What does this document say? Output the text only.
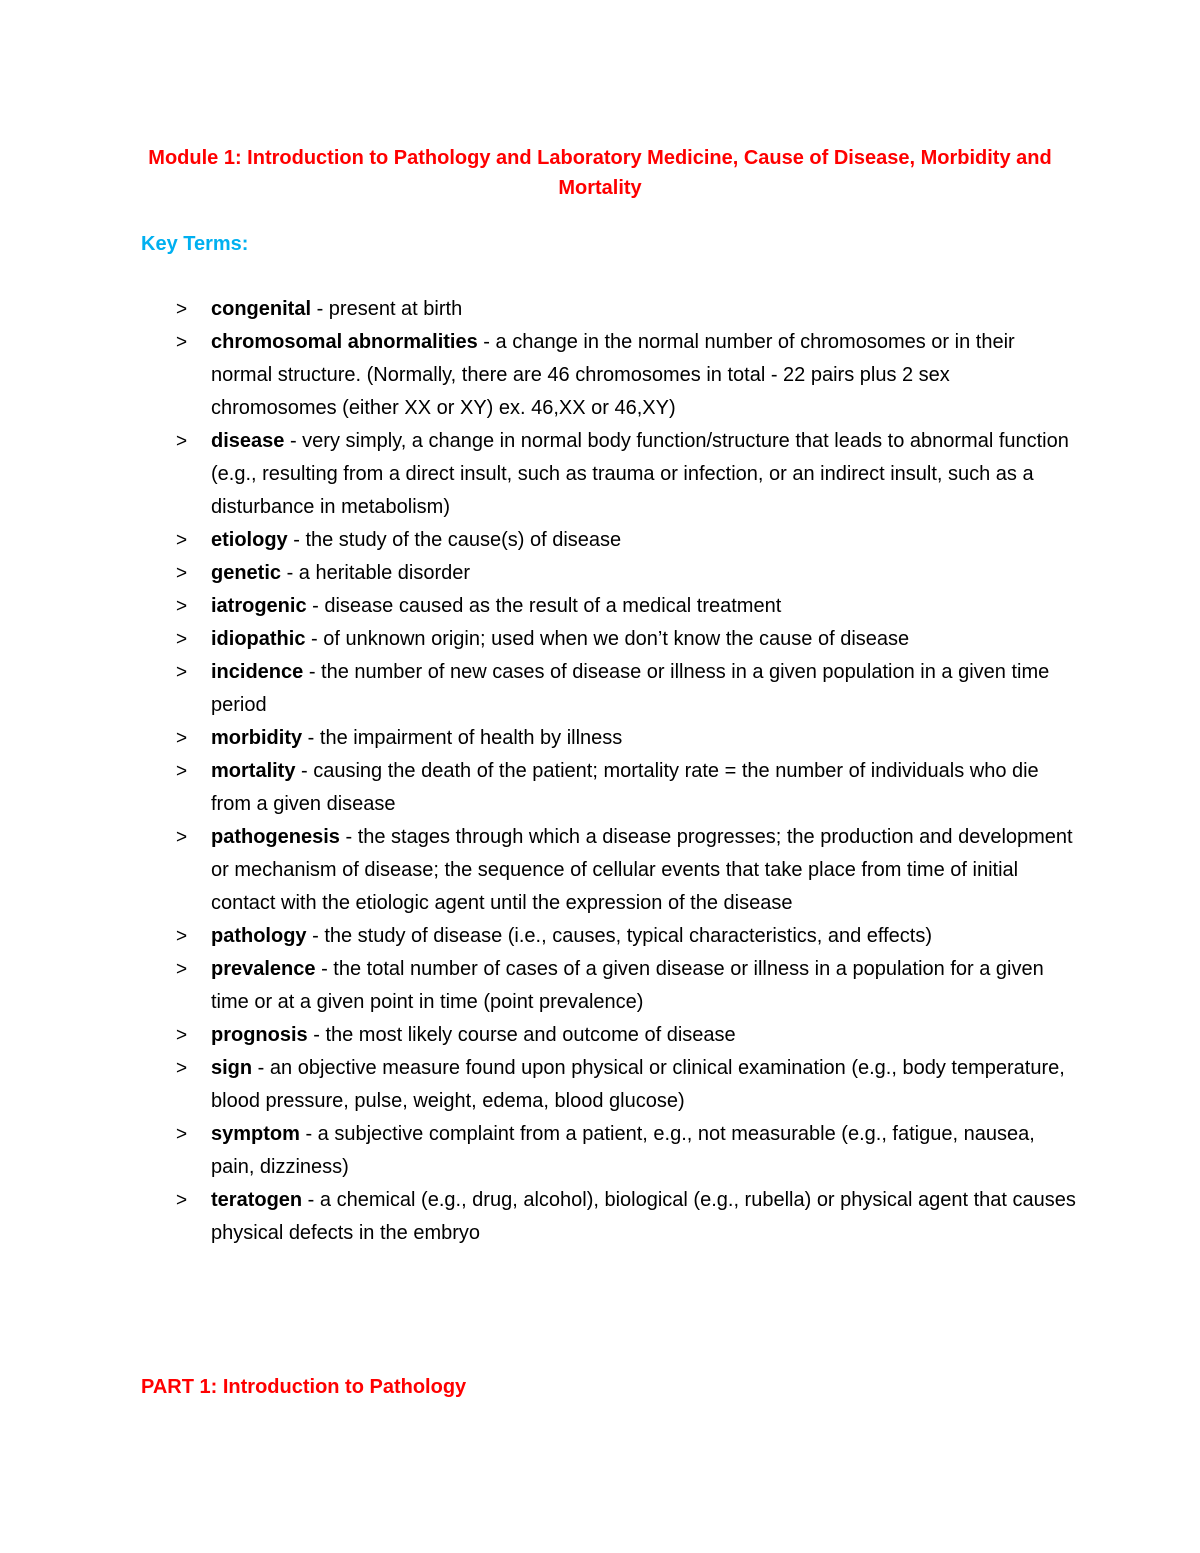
Module 1: Introduction to Pathology and Laboratory Medicine, Cause of Disease, Morbidity and Mortality
Key Terms:
>	congenital - present at birth
>	chromosomal abnormalities - a change in the normal number of chromosomes or in their normal structure. (Normally, there are 46 chromosomes in total - 22 pairs plus 2 sex chromosomes (either XX or XY) ex. 46,XX or 46,XY)
>	disease - very simply, a change in normal body function/structure that leads to abnormal function (e.g., resulting from a direct insult, such as trauma or infection, or an indirect insult, such as a disturbance in metabolism)
>	etiology - the study of the cause(s) of disease
>	genetic - a heritable disorder
>	iatrogenic - disease caused as the result of a medical treatment
>	idiopathic - of unknown origin; used when we don’t know the cause of disease
>	incidence - the number of new cases of disease or illness in a given population in a given time period
>	morbidity - the impairment of health by illness
>	mortality - causing the death of the patient; mortality rate = the number of individuals who die from a given disease
>	pathogenesis - the stages through which a disease progresses; the production and development or mechanism of disease; the sequence of cellular events that take place from time of initial contact with the etiologic agent until the expression of the disease
>	pathology - the study of disease (i.e., causes, typical characteristics, and effects)
>	prevalence - the total number of cases of a given disease or illness in a population for a given time or at a given point in time (point prevalence)
>	prognosis - the most likely course and outcome of disease
>	sign - an objective measure found upon physical or clinical examination (e.g., body temperature, blood pressure, pulse, weight, edema, blood glucose)
>	symptom - a subjective complaint from a patient, e.g., not measurable (e.g., fatigue, nausea, pain, dizziness)
>	teratogen - a chemical (e.g., drug, alcohol), biological (e.g., rubella) or physical agent that causes physical defects in the embryo
PART 1: Introduction to Pathology
